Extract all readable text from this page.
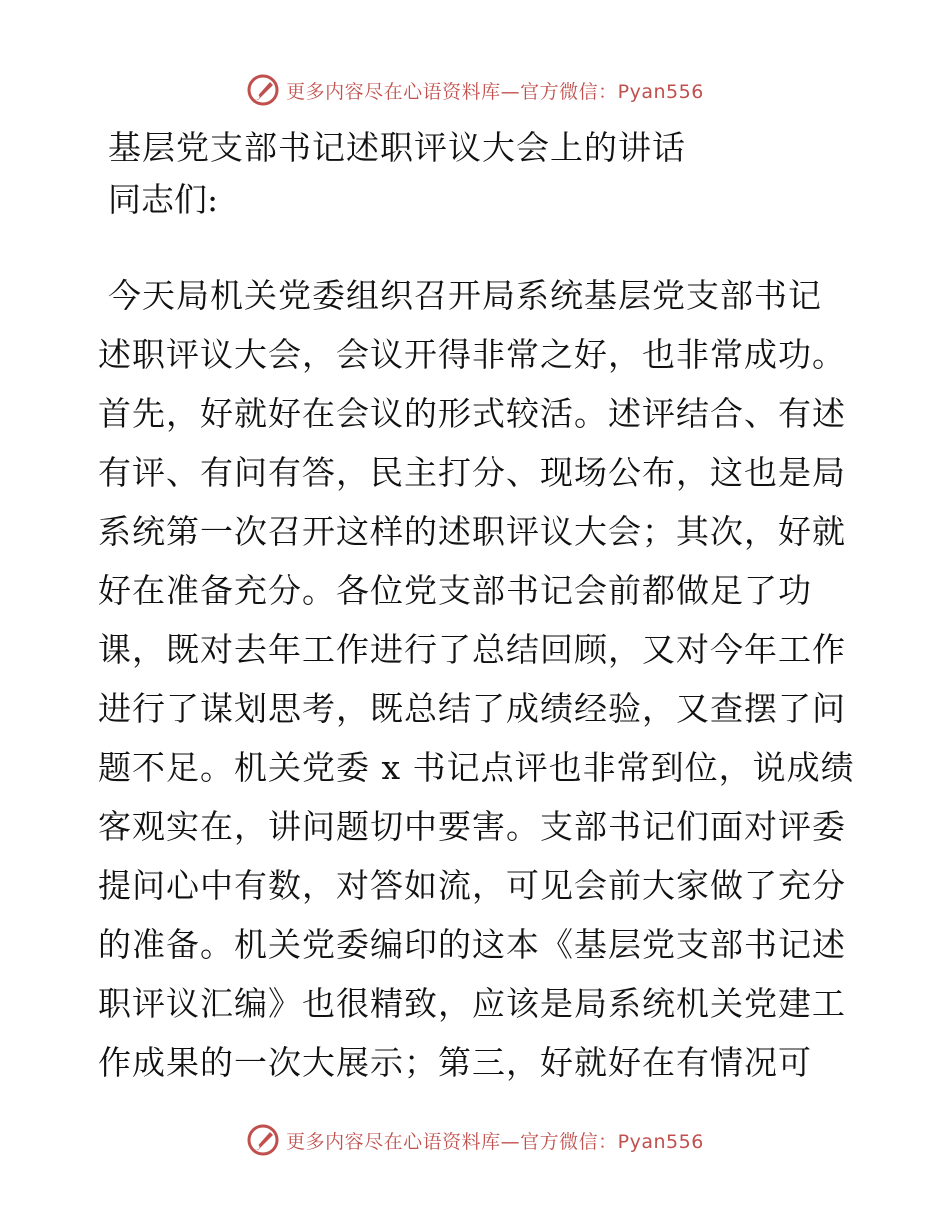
更多内容尽在心语资料库—官方微信：Pyan556
基层党支部书记述职评议大会上的讲话
同志们:
今天局机关党委组织召开局系统基层党支部书记
述职评议大会，会议开得非常之好，也非常成功。
首先，好就好在会议的形式较活。述评结合、有述
有评、有问有答，民主打分、现场公布，这也是局
系统第一次召开这样的述职评议大会；其次，好就
好在准备充分。各位党支部书记会前都做足了功
课，既对去年工作进行了总结回顾，又对今年工作
进行了谋划思考，既总结了成绩经验，又查摆了问
题不足。机关党委 x 书记点评也非常到位，说成绩
客观实在，讲问题切中要害。支部书记们面对评委
提问心中有数，对答如流，可见会前大家做了充分
的准备。机关党委编印的这本《基层党支部书记述
职评议汇编》也很精致，应该是局系统机关党建工
作成果的一次大展示；第三，好就好在有情况可
更多内容尽在心语资料库—官方微信：Pyan556
